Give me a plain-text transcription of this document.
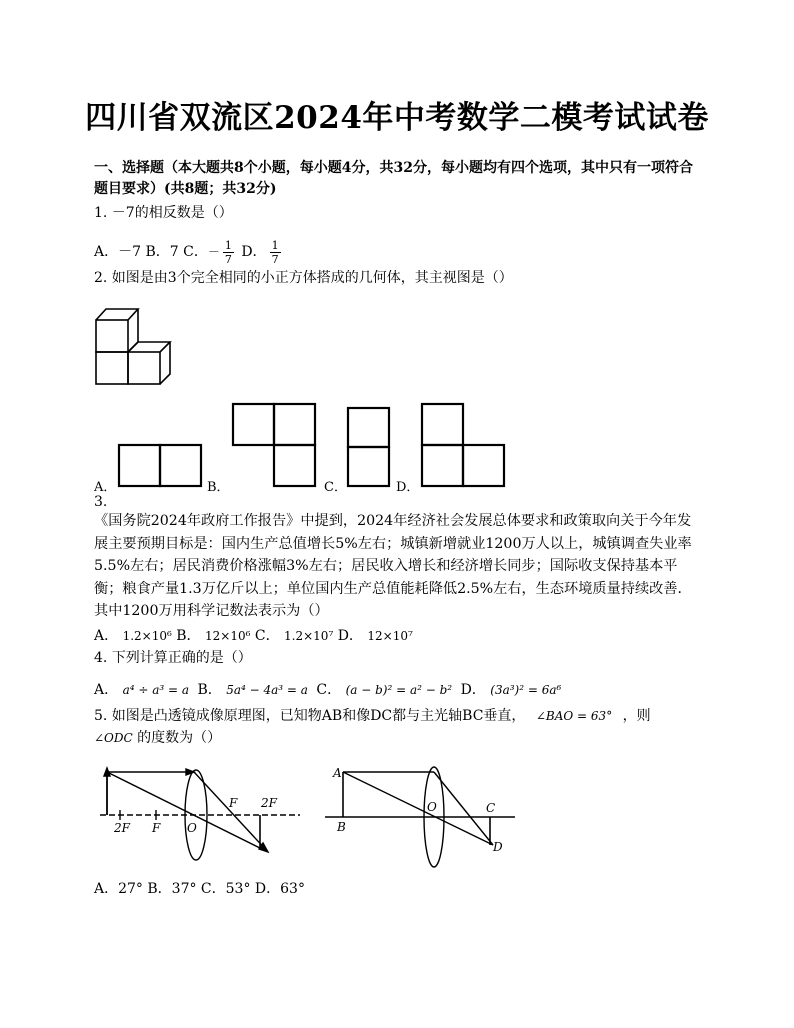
四川省双流区2024年中考数学二模考试试卷
一、选择题（本大题共8个小题，每小题4分，共32分，每小题均有四个选项，其中只有一项符合题目要求）(共8题；共32分)
1. －7的相反数是（）
A．－7 B．7 C．－ $\frac{1}{7}$ D． $\frac{1}{7}$
2. 如图是由3个完全相同的小正方体搭成的几何体，其主视图是（）
A．	B．	C．	D．
3.
《国务院2024年政府工作报告》中提到，2024年经济社会发展总体要求和政策取向关于今年发展主要预期目标是：国内生产总值增长5%左右；城镇新增就业1200万人以上，城镇调查失业率5.5%左右；居民消费价格涨幅3%左右；居民收入增长和经济增长同步；国际收支保持基本平衡；粮食产量1.3万亿斤以上；单位国内生产总值能耗降低2.5%左右，生态环境质量持续改善．其中1200万用科学记数法表示为（）
A． 1.2×10⁶ B． 12×10⁶ C． 1.2×10⁷ D． 12×10⁷
4. 下列计算正确的是（）
A． a⁴ ÷ a³ = a B． 5a⁴ − 4a³ = a C． (a − b)² = a² − b² D． (3a³)² = 6a⁶
5. 如图是凸透镜成像原理图，已知物AB和像DC都与主光轴BC垂直， ∠BAO = 63° ，则
∠ODC 的度数为（）
2F F O
F 2F
A
B
O	C
D
A．27° B．37° C．53° D．63°
